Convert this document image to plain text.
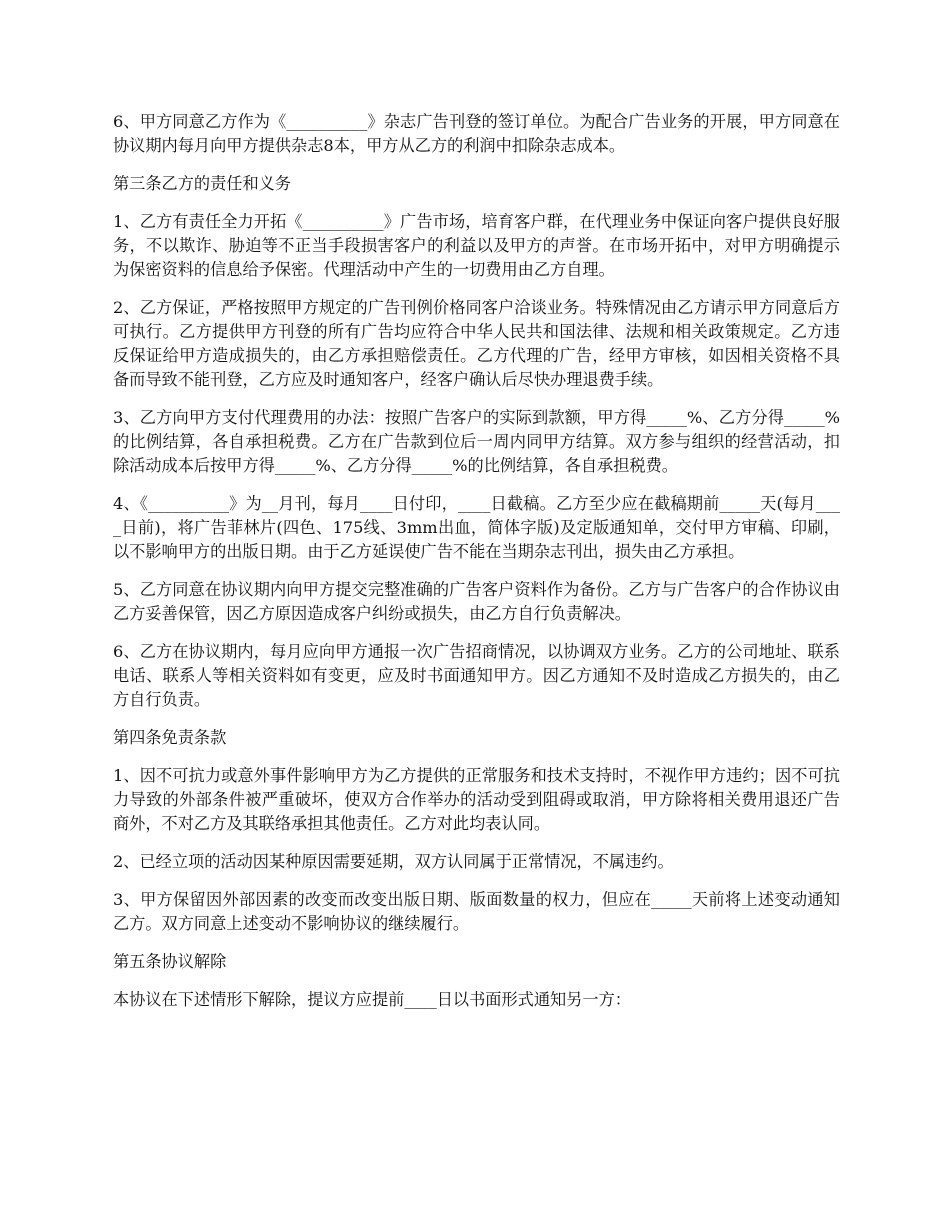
6、甲方同意乙方作为《__________》杂志广告刊登的签订单位。为配合广告业务的开展，甲方同意在协议期内每月向甲方提供杂志8本，甲方从乙方的利润中扣除杂志成本。

第三条乙方的责任和义务

1、乙方有责任全力开拓《__________》广告市场，培育客户群，在代理业务中保证向客户提供良好服务，不以欺诈、胁迫等不正当手段损害客户的利益以及甲方的声誉。在市场开拓中，对甲方明确提示为保密资料的信息给予保密。代理活动中产生的一切费用由乙方自理。

2、乙方保证，严格按照甲方规定的广告刊例价格同客户洽谈业务。特殊情况由乙方请示甲方同意后方可执行。乙方提供甲方刊登的所有广告均应符合中华人民共和国法律、法规和相关政策规定。乙方违反保证给甲方造成损失的，由乙方承担赔偿责任。乙方代理的广告，经甲方审核，如因相关资格不具备而导致不能刊登，乙方应及时通知客户，经客户确认后尽快办理退费手续。

3、乙方向甲方支付代理费用的办法：按照广告客户的实际到款额，甲方得_____%、乙方分得_____%的比例结算，各自承担税费。乙方在广告款到位后一周内同甲方结算。双方参与组织的经营活动，扣除活动成本后按甲方得_____%、乙方分得_____%的比例结算，各自承担税费。

4、《__________》为__月刊，每月____日付印，____日截稿。乙方至少应在截稿期前_____天(每月____日前)，将广告菲林片(四色、175线、3mm出血，简体字版)及定版通知单，交付甲方审稿、印刷，以不影响甲方的出版日期。由于乙方延误使广告不能在当期杂志刊出，损失由乙方承担。

5、乙方同意在协议期内向甲方提交完整准确的广告客户资料作为备份。乙方与广告客户的合作协议由乙方妥善保管，因乙方原因造成客户纠纷或损失，由乙方自行负责解决。

6、乙方在协议期内，每月应向甲方通报一次广告招商情况，以协调双方业务。乙方的公司地址、联系电话、联系人等相关资料如有变更，应及时书面通知甲方。因乙方通知不及时造成乙方损失的，由乙方自行负责。

第四条免责条款

1、因不可抗力或意外事件影响甲方为乙方提供的正常服务和技术支持时，不视作甲方违约；因不可抗力导致的外部条件被严重破坏，使双方合作举办的活动受到阻碍或取消，甲方除将相关费用退还广告商外，不对乙方及其联络承担其他责任。乙方对此均表认同。

2、已经立项的活动因某种原因需要延期，双方认同属于正常情况，不属违约。

3、甲方保留因外部因素的改变而改变出版日期、版面数量的权力，但应在_____天前将上述变动通知乙方。双方同意上述变动不影响协议的继续履行。

第五条协议解除

本协议在下述情形下解除，提议方应提前____日以书面形式通知另一方：
